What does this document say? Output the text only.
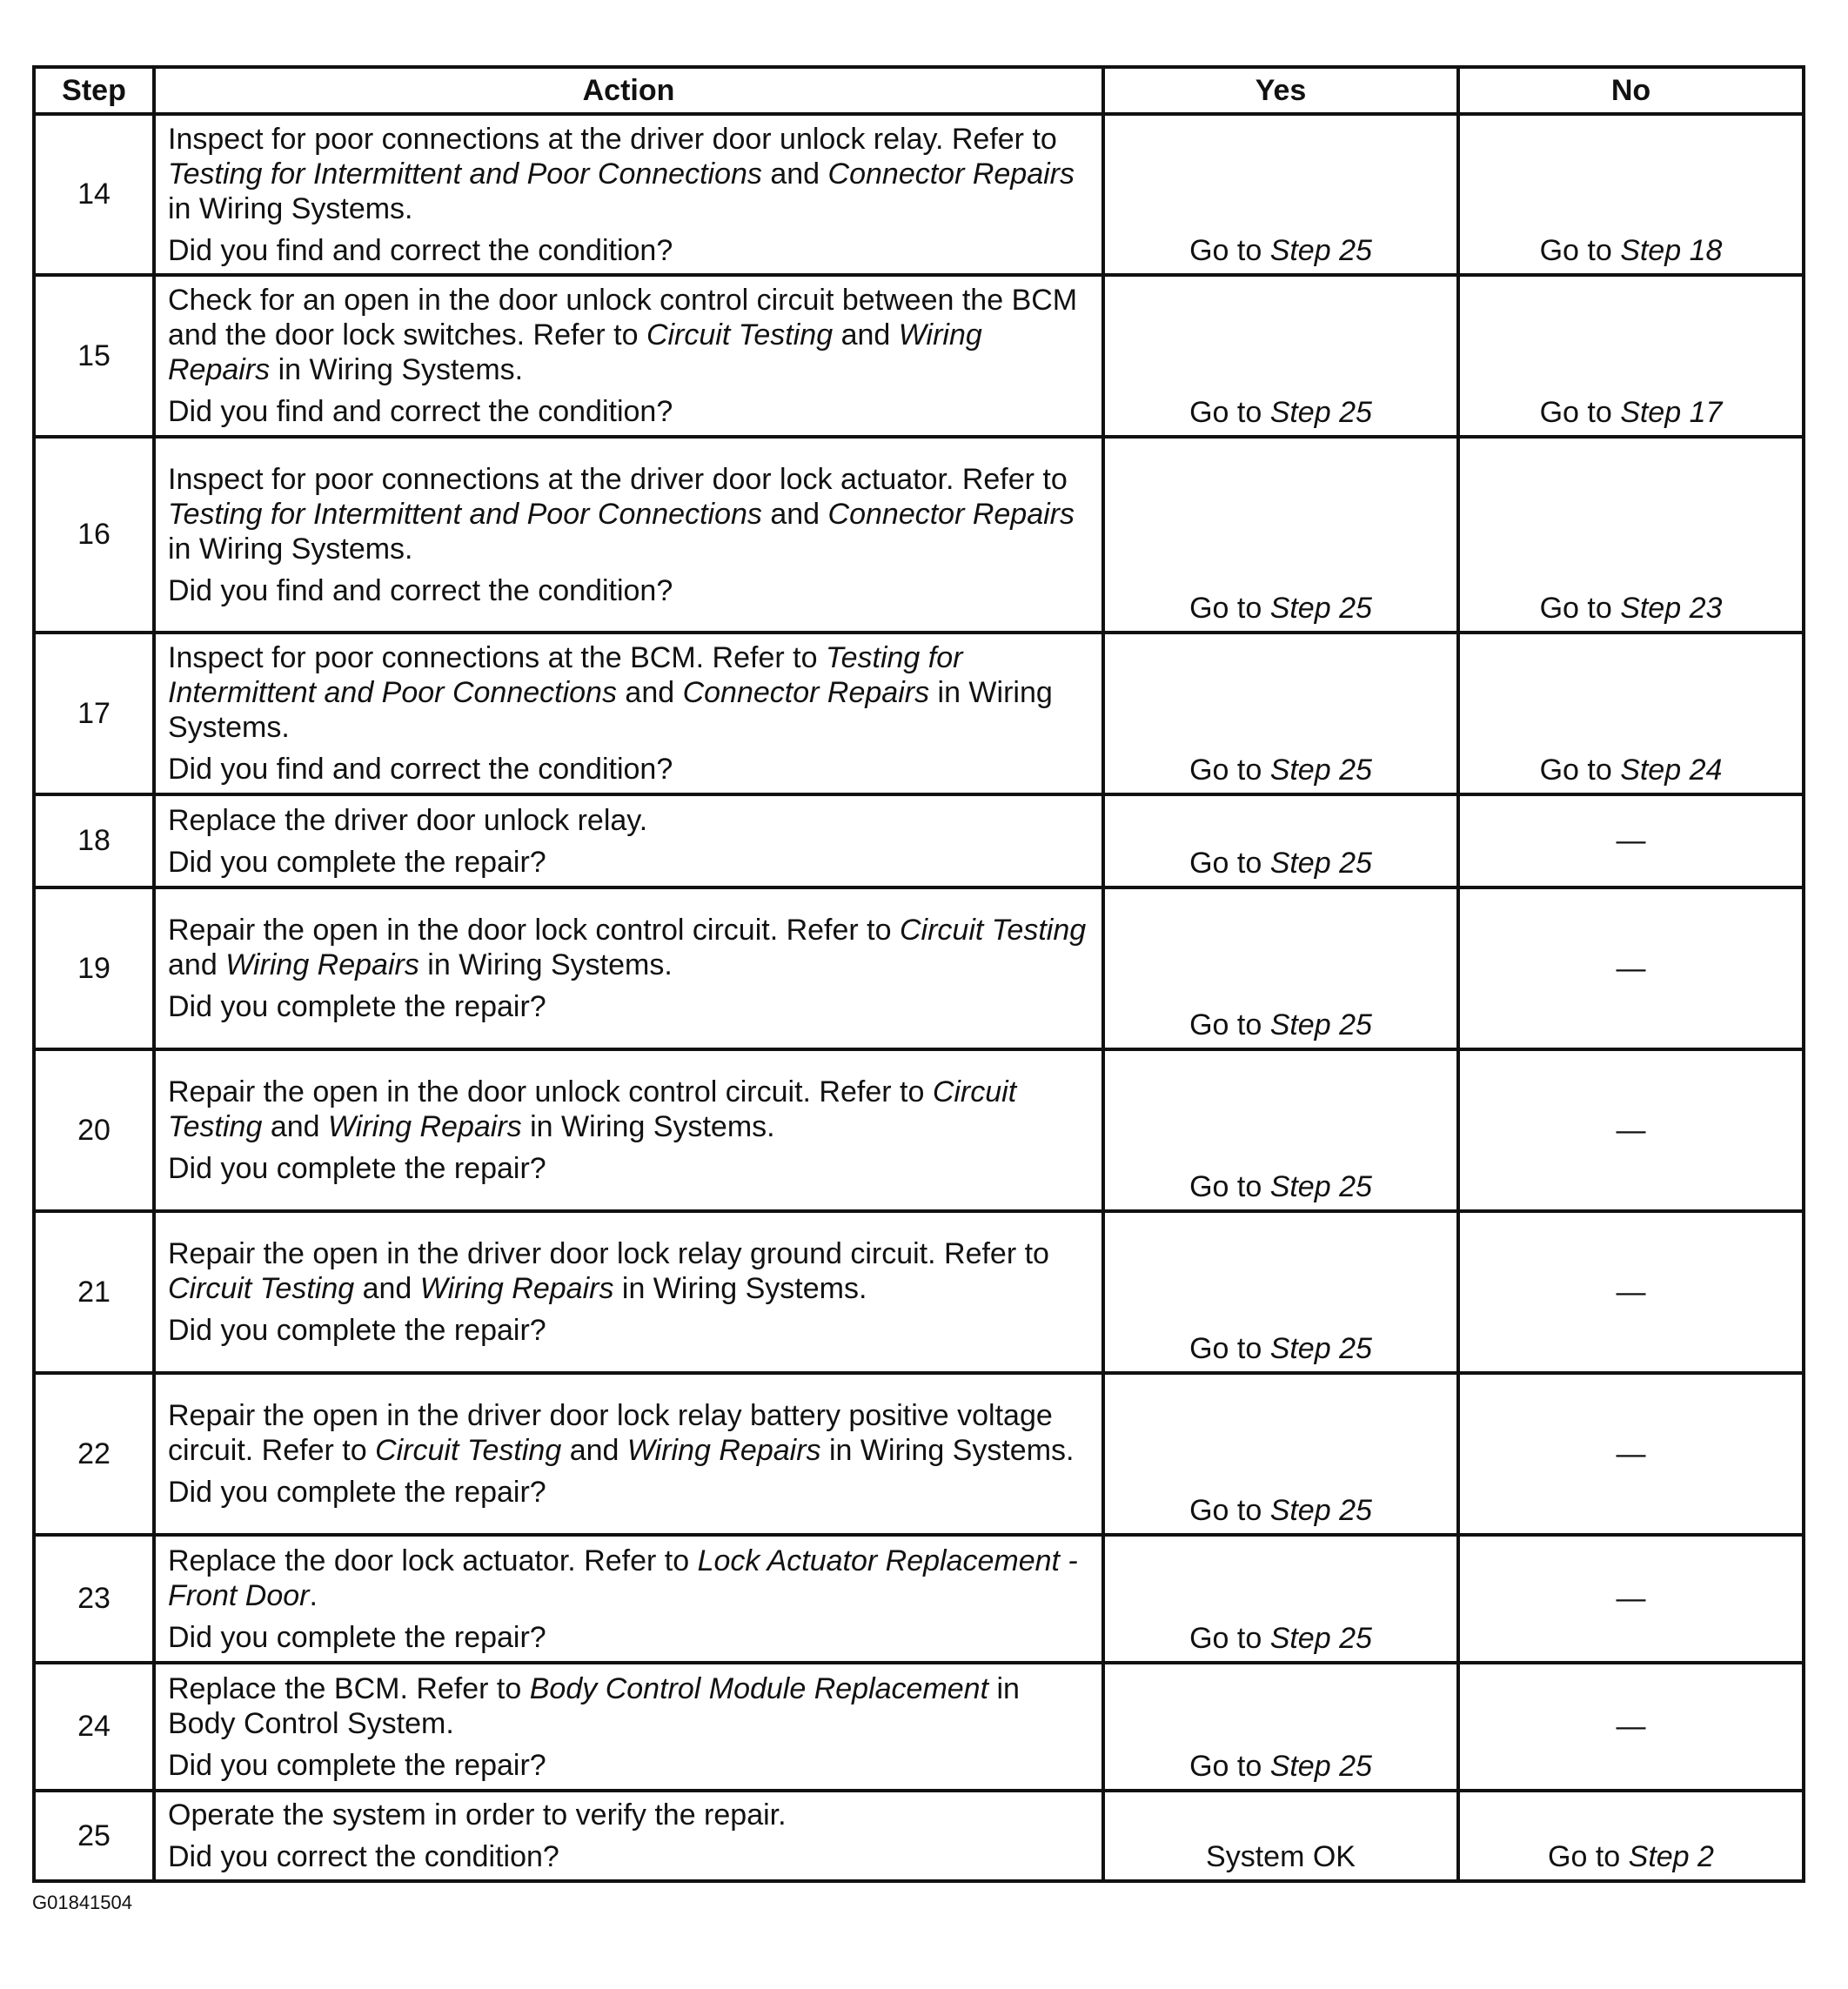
Step	Action	Yes	No
14	Inspect for poor connections at the driver door unlock relay. Refer to Testing for Intermittent and Poor Connections and Connector Repairs in Wiring Systems.
Did you find and correct the condition?	Go to Step 25	Go to Step 18
15	Check for an open in the door unlock control circuit between the BCM and the door lock switches. Refer to Circuit Testing and Wiring Repairs in Wiring Systems.
Did you find and correct the condition?	Go to Step 25	Go to Step 17
16	Inspect for poor connections at the driver door lock actuator. Refer to Testing for Intermittent and Poor Connections and Connector Repairs in Wiring Systems.
Did you find and correct the condition?	Go to Step 25	Go to Step 23
17	Inspect for poor connections at the BCM. Refer to Testing for Intermittent and Poor Connections and Connector Repairs in Wiring Systems.
Did you find and correct the condition?	Go to Step 25	Go to Step 24
18	Replace the driver door unlock relay.
Did you complete the repair?	Go to Step 25	—
19	Repair the open in the door lock control circuit. Refer to Circuit Testing and Wiring Repairs in Wiring Systems.
Did you complete the repair?	Go to Step 25	—
20	Repair the open in the door unlock control circuit. Refer to Circuit Testing and Wiring Repairs in Wiring Systems.
Did you complete the repair?	Go to Step 25	—
21	Repair the open in the driver door lock relay ground circuit. Refer to Circuit Testing and Wiring Repairs in Wiring Systems.
Did you complete the repair?	Go to Step 25	—
22	Repair the open in the driver door lock relay battery positive voltage circuit. Refer to Circuit Testing and Wiring Repairs in Wiring Systems.
Did you complete the repair?	Go to Step 25	—
23	Replace the door lock actuator. Refer to Lock Actuator Replacement - Front Door.
Did you complete the repair?	Go to Step 25	—
24	Replace the BCM. Refer to Body Control Module Replacement in Body Control System.
Did you complete the repair?	Go to Step 25	—
25	Operate the system in order to verify the repair.
Did you correct the condition?	System OK	Go to Step 2
G01841504
